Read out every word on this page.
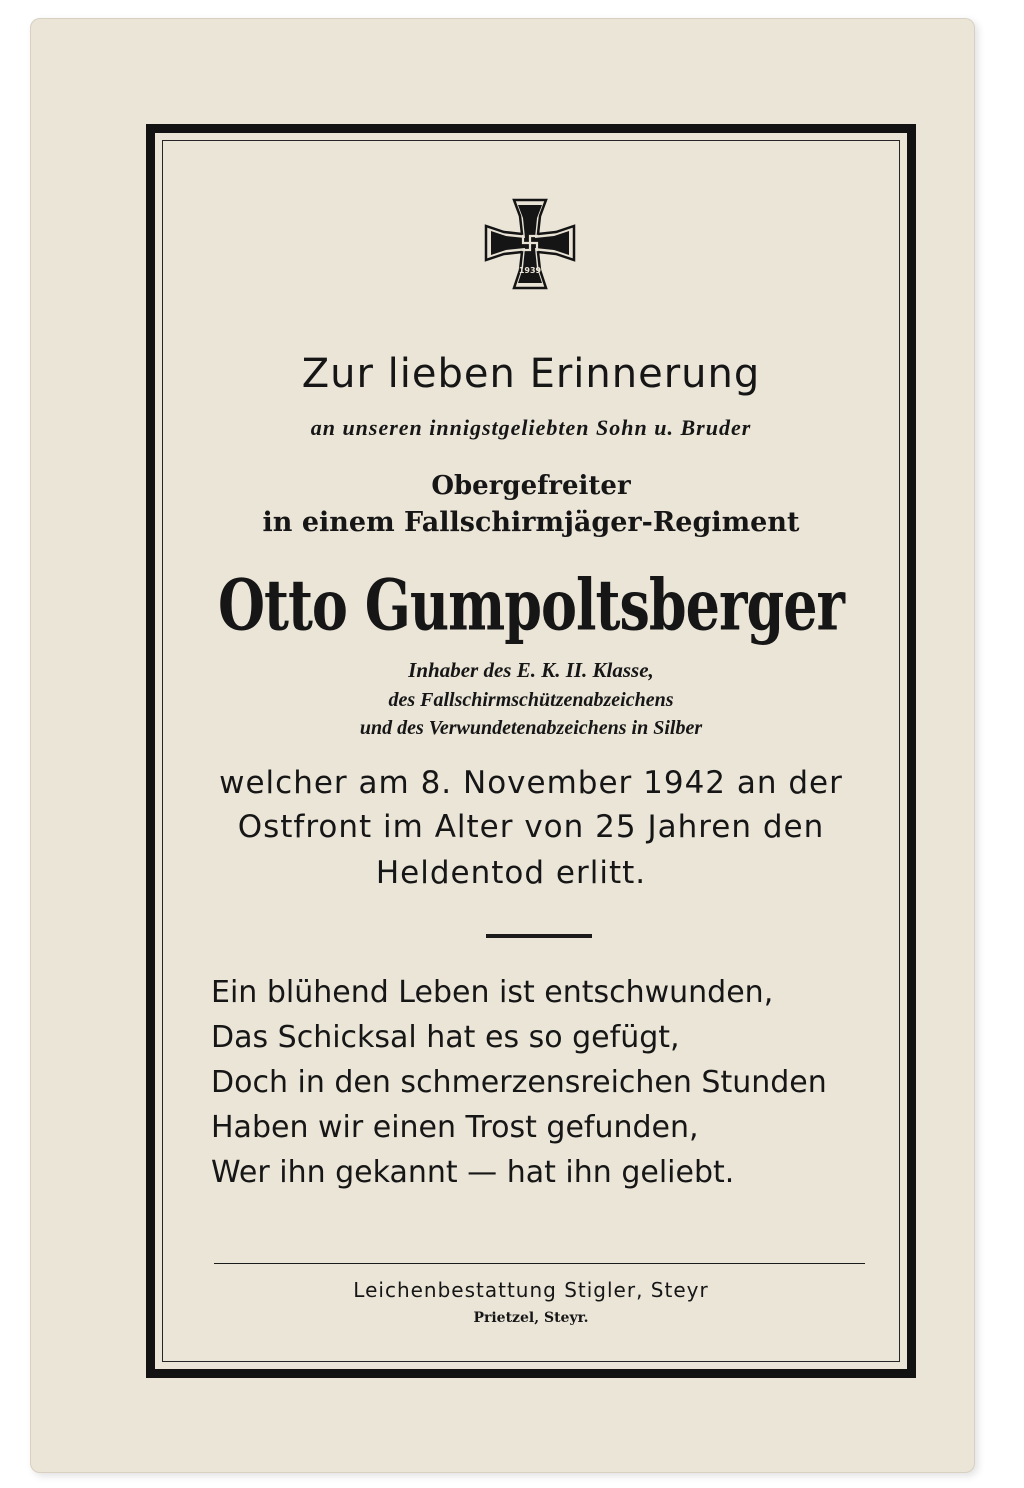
1939
Zur lieben Erinnerung
an unseren innigstgeliebten Sohn u. Bruder
Obergefreiter
in einem Fallschirmjäger-Regiment
Otto Gumpoltsberger
Inhaber des E. K. II. Klasse,
des Fallschirmschützenabzeichens
und des Verwundetenabzeichens in Silber
welcher am 8. November 1942 an der
Ostfront im Alter von 25 Jahren den
Heldentod erlitt.
Ein blühend Leben ist entschwunden,
Das Schicksal hat es so gefügt,
Doch in den schmerzensreichen Stunden
Haben wir einen Trost gefunden,
Wer ihn gekannt — hat ihn geliebt.
Leichenbestattung Stigler, Steyr
Prietzel, Steyr.
